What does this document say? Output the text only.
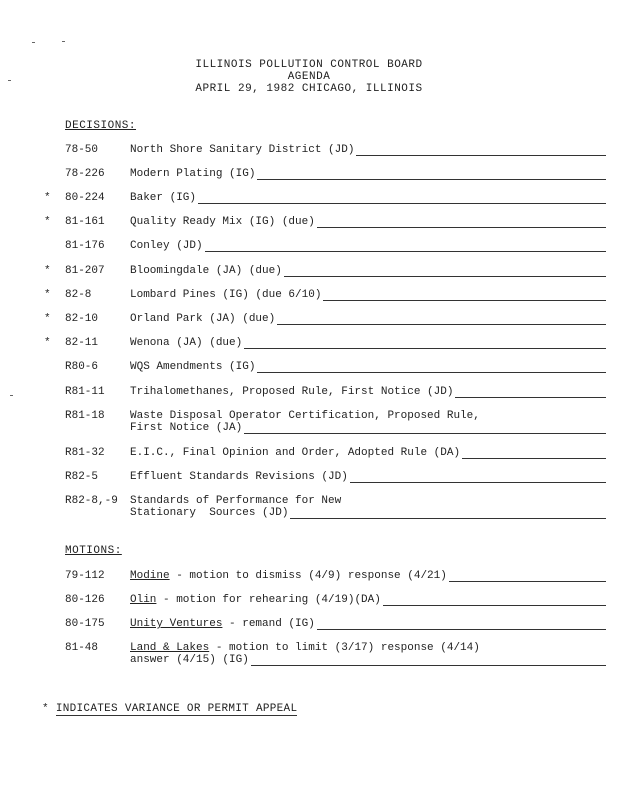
ILLINOIS POLLUTION CONTROL BOARD
AGENDA
APRIL 29, 1982 CHICAGO, ILLINOIS
DECISIONS:
78-50	North Shore Sanitary District (JD)
78-226 Modern Plating (IG)
* 80-224 Baker (IG)
* 81-161 Quality Ready Mix (IG) (due)
81-176 Conley (JD)
* 81-207 Bloomingdale (JA) (due)
* 82-8	Lombard Pines (IG) (due 6/10)
* 82-10	Orland Park (JA) (due)
* 82-11	Wenona (JA) (due)
R80-6	WQS Amendments (IG)
R81-11 Trihalomethanes, Proposed Rule, First Notice (JD)
R81-18 Waste Disposal Operator Certification, Proposed Rule,
First Notice (JA)
R81-32 E.I.C., Final Opinion and Order, Adopted Rule (DA)
R82-5	Effluent Standards Revisions (JD)
R82-8,-9 Standards of Performance for New
Stationary  Sources (JD)
MOTIONS:
79-112 Modine - motion to dismiss (4/9) response (4/21)
80-126 Olin - motion for rehearing (4/19)(DA)
80-175 Unity Ventures - remand (IG)
81-48	Land & Lakes - motion to limit (3/17) response (4/14)
answer (4/15) (IG)
* INDICATES VARIANCE OR PERMIT APPEAL
